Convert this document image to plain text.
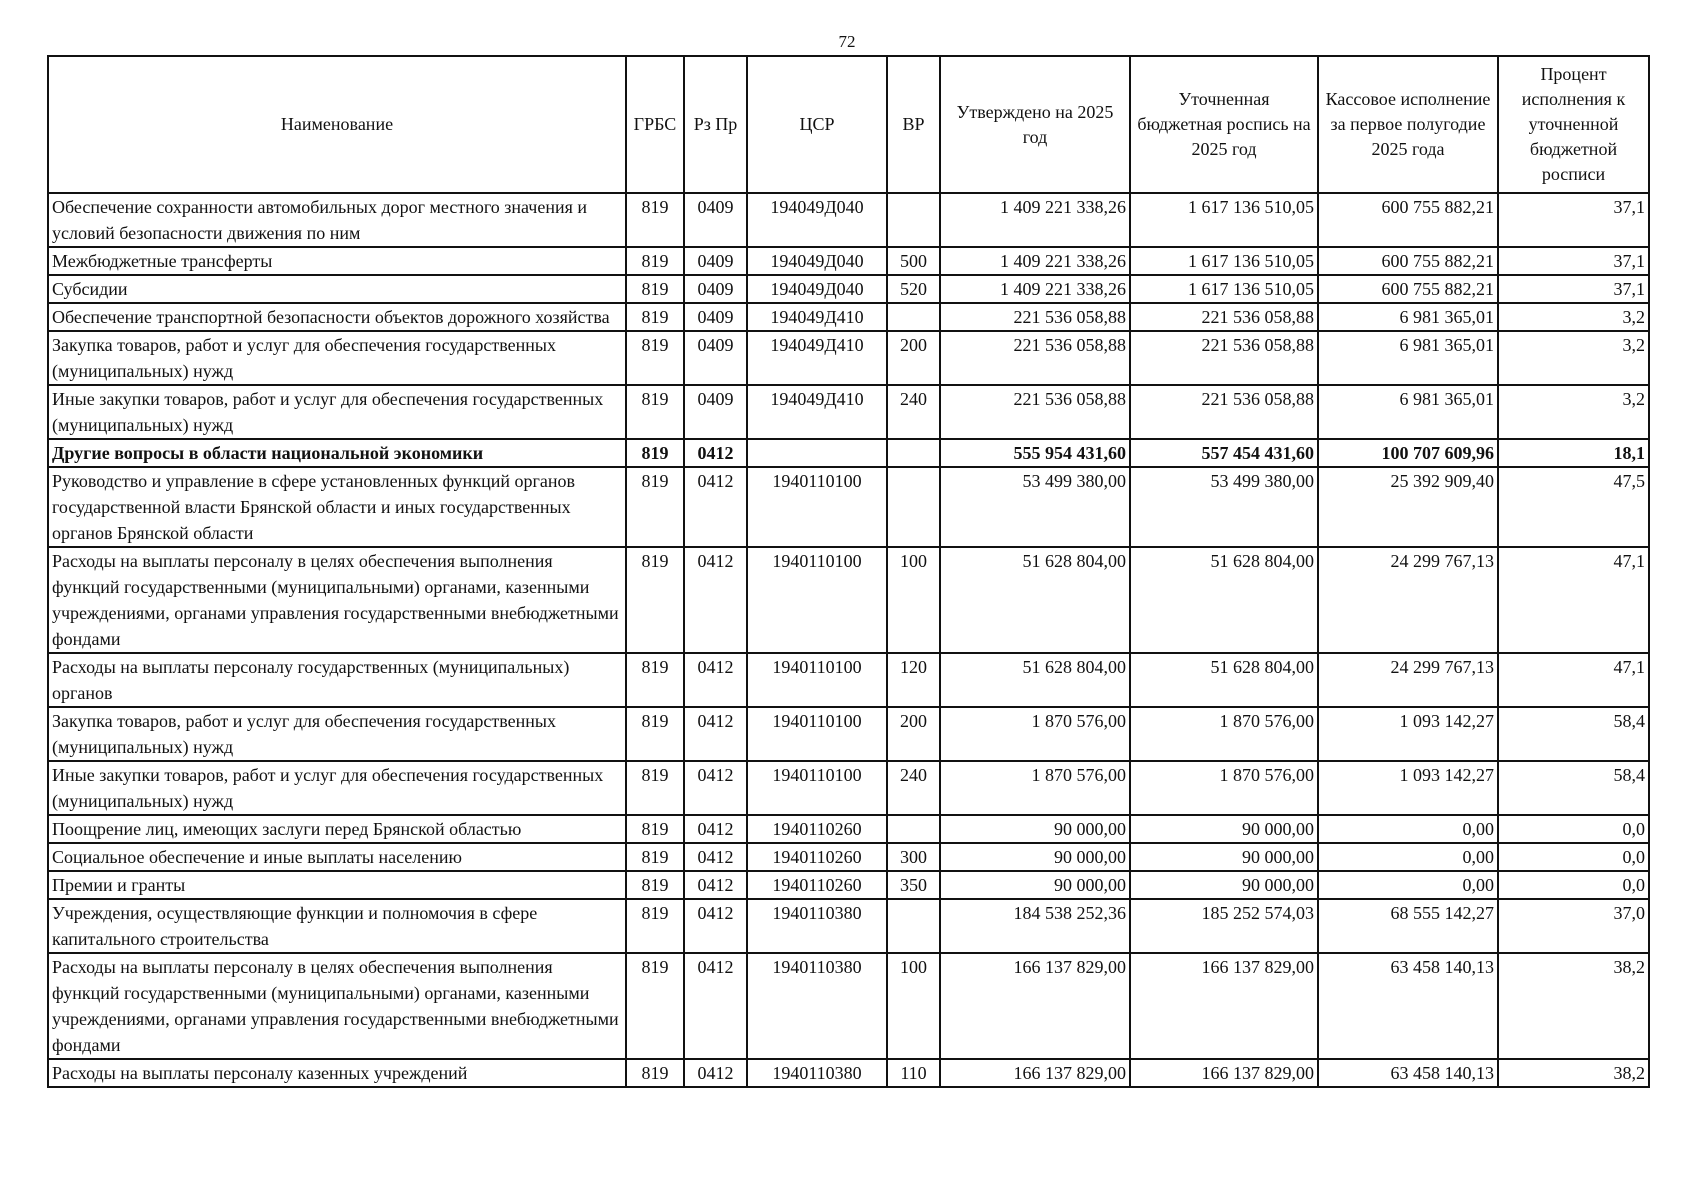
72
Наименование	ГРБС	Рз Пр	ЦСР	ВР	Утверждено на 2025 год	Уточненная бюджетная роспись на 2025 год	Кассовое исполнение за первое полугодие 2025 года	Процент исполнения к уточненной бюджетной росписи
Обеспечение сохранности автомобильных дорог местного значения и условий безопасности движения по ним	819	0409	194049Д040		1 409 221 338,26	1 617 136 510,05	600 755 882,21	37,1
Межбюджетные трансферты	819	0409	194049Д040	500	1 409 221 338,26	1 617 136 510,05	600 755 882,21	37,1
Субсидии	819	0409	194049Д040	520	1 409 221 338,26	1 617 136 510,05	600 755 882,21	37,1
Обеспечение транспортной безопасности объектов дорожного хозяйства	819	0409	194049Д410		221 536 058,88	221 536 058,88	6 981 365,01	3,2
Закупка товаров, работ и услуг для обеспечения государственных (муниципальных) нужд	819	0409	194049Д410	200	221 536 058,88	221 536 058,88	6 981 365,01	3,2
Иные закупки товаров, работ и услуг для обеспечения государственных (муниципальных) нужд	819	0409	194049Д410	240	221 536 058,88	221 536 058,88	6 981 365,01	3,2
Другие вопросы в области национальной экономики	819	0412			555 954 431,60	557 454 431,60	100 707 609,96	18,1
Руководство и управление в сфере установленных функций органов государственной власти Брянской области и иных государственных органов Брянской области	819	0412	1940110100		53 499 380,00	53 499 380,00	25 392 909,40	47,5
Расходы на выплаты персоналу в целях обеспечения выполнения функций государственными (муниципальными) органами, казенными учреждениями, органами управления государственными внебюджетными фондами	819	0412	1940110100	100	51 628 804,00	51 628 804,00	24 299 767,13	47,1
Расходы на выплаты персоналу государственных (муниципальных) органов	819	0412	1940110100	120	51 628 804,00	51 628 804,00	24 299 767,13	47,1
Закупка товаров, работ и услуг для обеспечения государственных (муниципальных) нужд	819	0412	1940110100	200	1 870 576,00	1 870 576,00	1 093 142,27	58,4
Иные закупки товаров, работ и услуг для обеспечения государственных (муниципальных) нужд	819	0412	1940110100	240	1 870 576,00	1 870 576,00	1 093 142,27	58,4
Поощрение лиц, имеющих заслуги перед Брянской областью	819	0412	1940110260		90 000,00	90 000,00	0,00	0,0
Социальное обеспечение и иные выплаты населению	819	0412	1940110260	300	90 000,00	90 000,00	0,00	0,0
Премии и гранты	819	0412	1940110260	350	90 000,00	90 000,00	0,00	0,0
Учреждения, осуществляющие функции и полномочия в сфере капитального строительства	819	0412	1940110380		184 538 252,36	185 252 574,03	68 555 142,27	37,0
Расходы на выплаты персоналу в целях обеспечения выполнения функций государственными (муниципальными) органами, казенными учреждениями, органами управления государственными внебюджетными фондами	819	0412	1940110380	100	166 137 829,00	166 137 829,00	63 458 140,13	38,2
Расходы на выплаты персоналу казенных учреждений	819	0412	1940110380	110	166 137 829,00	166 137 829,00	63 458 140,13	38,2
